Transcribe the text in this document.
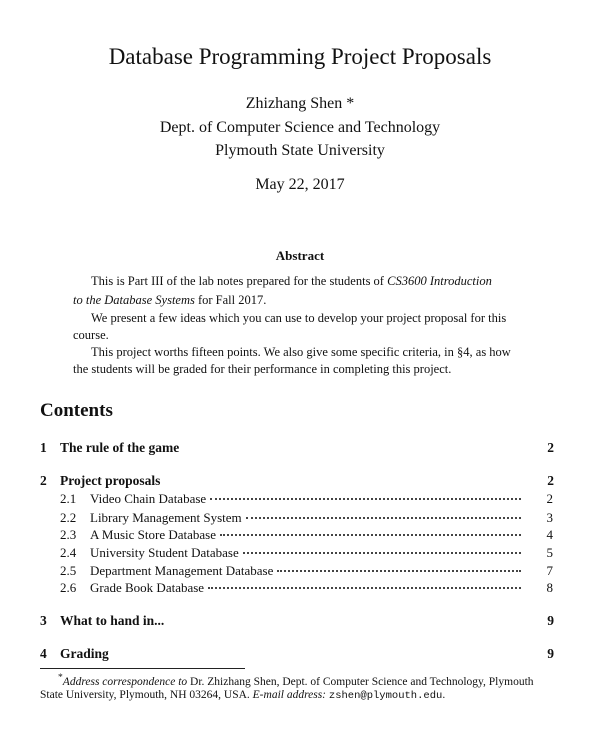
Database Programming Project Proposals
Zhizhang Shen *
Dept. of Computer Science and Technology
Plymouth State University
May 22, 2017
Abstract
This is Part III of the lab notes prepared for the students of CS3600 Introduction
to the Database Systems for Fall 2017.
We present a few ideas which you can use to develop your project proposal for this
course.
This project worths fifteen points. We also give some specific criteria, in §4, as how
the students will be graded for their performance in completing this project.
Contents
1 The rule of the game	2
2 Project proposals	2
2.1 Video Chain Database	2
2.2 Library Management System	3
2.3 A Music Store Database	4
2.4 University Student Database	5
2.5 Department Management Database	7
2.6 Grade Book Database	8
3 What to hand in...	9
4 Grading	9
*Address correspondence to Dr. Zhizhang Shen, Dept. of Computer Science and Technology, Plymouth
State University, Plymouth, NH 03264, USA. E-mail address: zshen@plymouth.edu.
